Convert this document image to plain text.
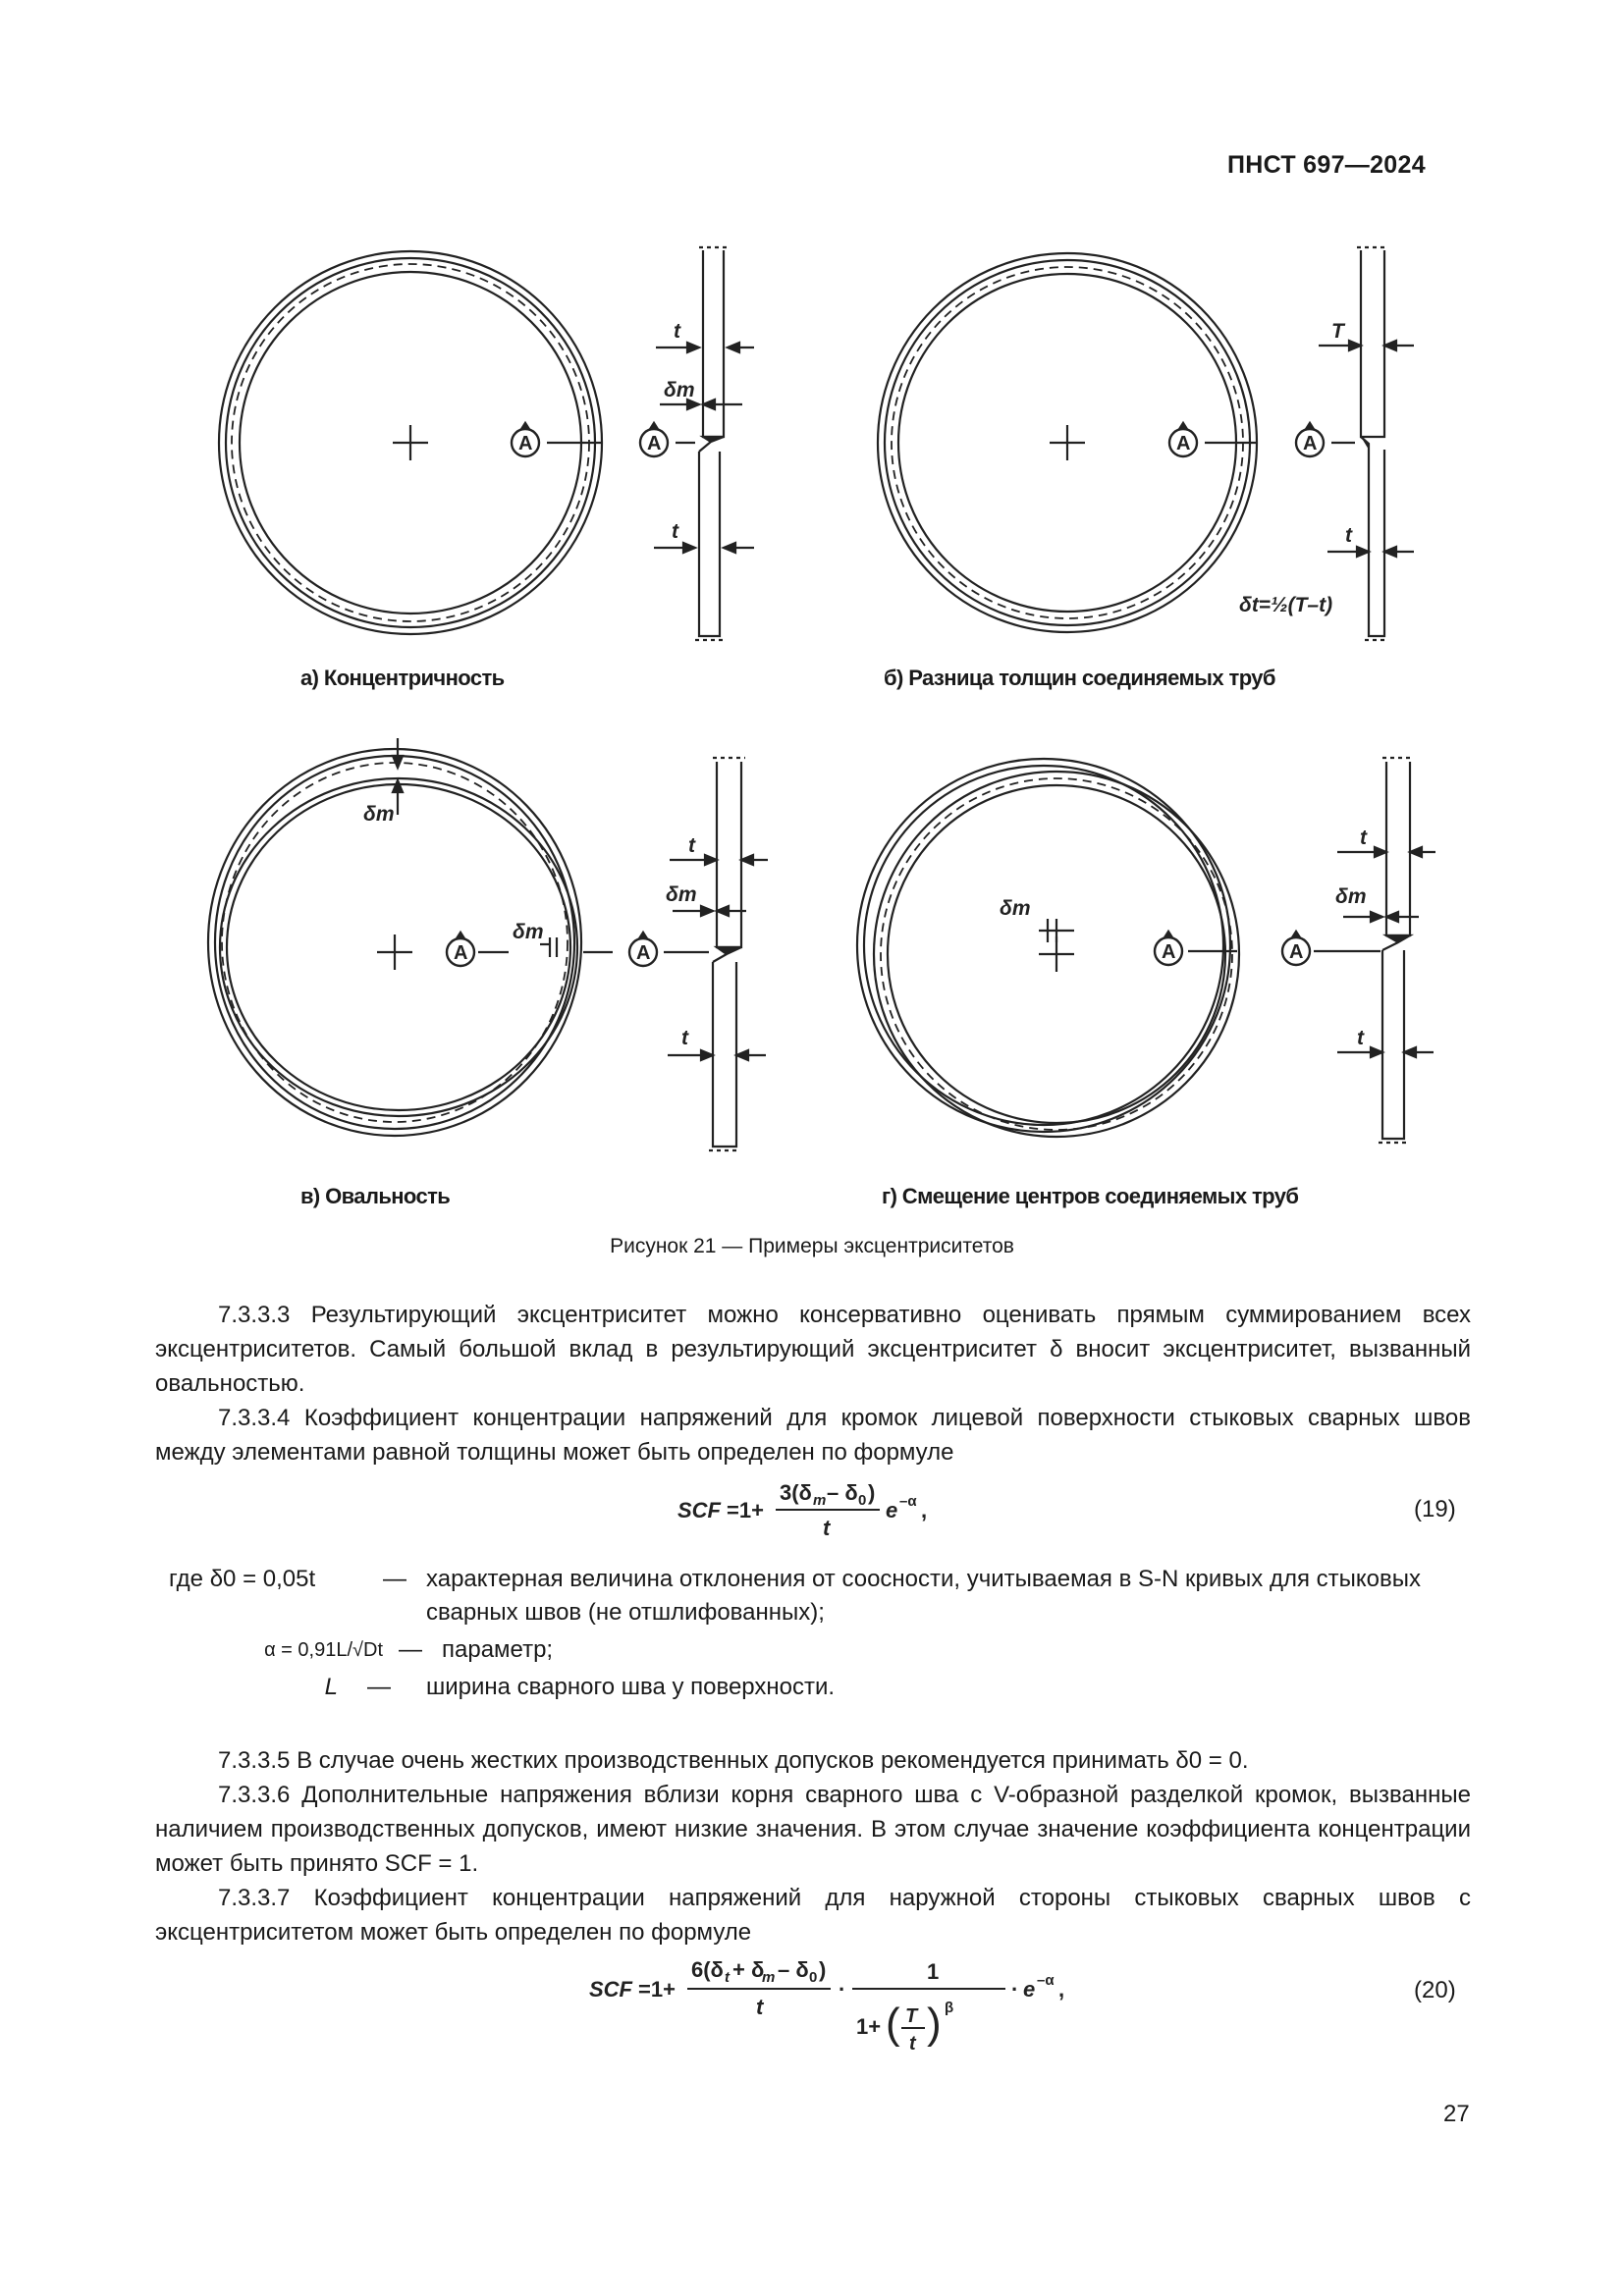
ПНСТ 697—2024
A	A	A	A
A	A	A	A
t
δm
t
T
t
δt=½(T–t)
δm
t
δm
δm
t
t
δm
δm
t
а) Концентричность	б) Разница толщин соединяемых труб
в) Овальность	г) Смещение центров соединяемых труб
Рисунок 21 — Примеры эксцентриситетов
7.3.3.3 Результирующий эксцентриситет можно консервативно оценивать прямым суммированием всех эксцентриситетов. Самый большой вклад в результирующий эксцентриситет δ вносит эксцентриситет, вызванный овальностью.
7.3.3.4 Коэффициент концентрации напряжений для кромок лицевой поверхности стыковых сварных швов между элементами равной толщины может быть определен по формуле
SCF =1+
3(δ m – δ 0 )
t
e –α ,	(19)
где δ0 = 0,05t	— характерная величина отклонения от соосности, учитываемая в S-N кривых для стыковых сварных швов (не отшлифованных);
α = 0,91L/√Dt — параметр;
L	—	ширина сварного шва у поверхности.
7.3.3.5 В случае очень жестких производственных допусков рекомендуется принимать δ0 = 0.
7.3.3.6 Дополнительные напряжения вблизи корня сварного шва с V-образной разделкой кромок, вызванные наличием производственных допусков, имеют низкие значения. В этом случае значение коэффициента концентрации может быть принято SCF = 1.
7.3.3.7 Коэффициент концентрации напряжений для наружной стороны стыковых сварных швов с эксцентриситетом может быть определен по формуле
SCF =1+
6(δ t + δ
m – δ 0 )
t
·
1
1+ ( T
t ) β
· e –α ,	(20)
27
